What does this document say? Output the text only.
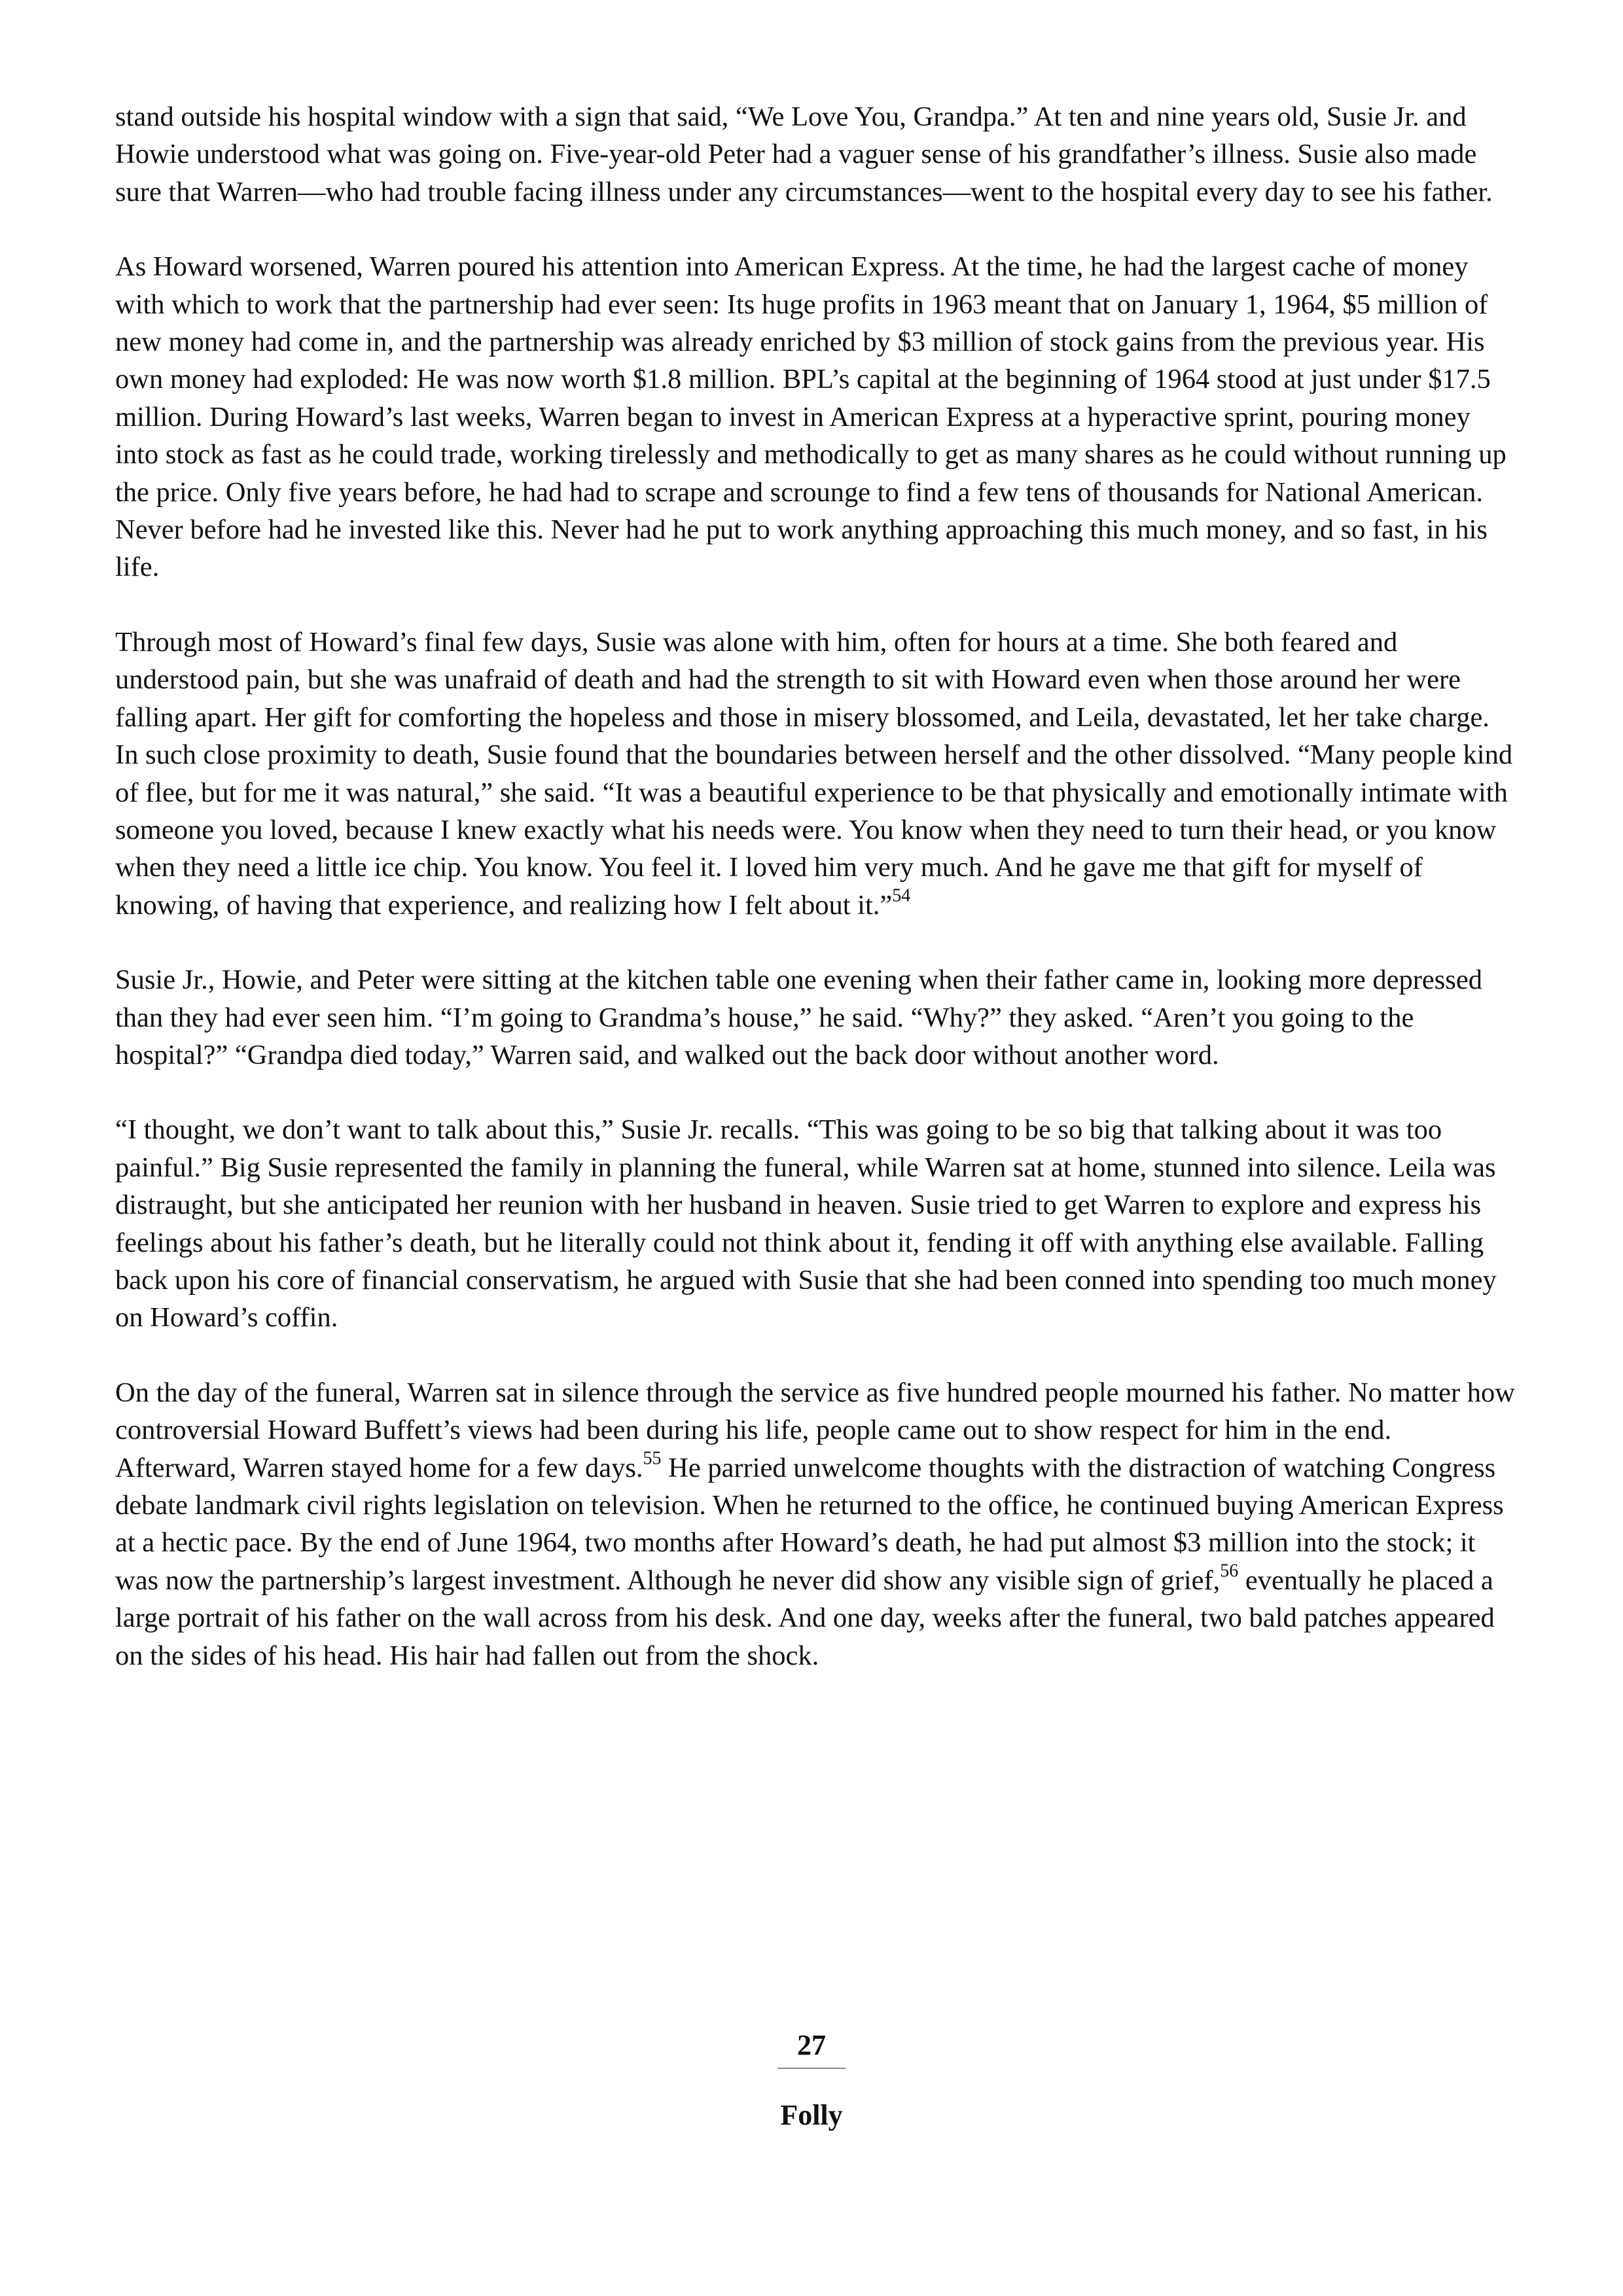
stand outside his hospital window with a sign that said, “We Love You, Grandpa.” At ten and nine years old, Susie Jr. and Howie understood what was going on. Five-year-old Peter had a vaguer sense of his grandfather’s illness. Susie also made sure that Warren—who had trouble facing illness under any circumstances—went to the hospital every day to see his father.

As Howard worsened, Warren poured his attention into American Express. At the time, he had the largest cache of money with which to work that the partnership had ever seen: Its huge profits in 1963 meant that on January 1, 1964, $5 million of new money had come in, and the partnership was already enriched by $3 million of stock gains from the previous year. His own money had exploded: He was now worth $1.8 million. BPL’s capital at the beginning of 1964 stood at just under $17.5 million. During Howard’s last weeks, Warren began to invest in American Express at a hyperactive sprint, pouring money into stock as fast as he could trade, working tirelessly and methodically to get as many shares as he could without running up the price. Only five years before, he had had to scrape and scrounge to find a few tens of thousands for National American. Never before had he invested like this. Never had he put to work anything approaching this much money, and so fast, in his life.

Through most of Howard’s final few days, Susie was alone with him, often for hours at a time. She both feared and understood pain, but she was unafraid of death and had the strength to sit with Howard even when those around her were falling apart. Her gift for comforting the hopeless and those in misery blossomed, and Leila, devastated, let her take charge. In such close proximity to death, Susie found that the boundaries between herself and the other dissolved. “Many people kind of flee, but for me it was natural,” she said. “It was a beautiful experience to be that physically and emotionally intimate with someone you loved, because I knew exactly what his needs were. You know when they need to turn their head, or you know when they need a little ice chip. You know. You feel it. I loved him very much. And he gave me that gift for myself of knowing, of having that experience, and realizing how I felt about it.”$^{54}$

Susie Jr., Howie, and Peter were sitting at the kitchen table one evening when their father came in, looking more depressed than they had ever seen him. “I’m going to Grandma’s house,” he said. “Why?” they asked. “Aren’t you going to the hospital?” “Grandpa died today,” Warren said, and walked out the back door without another word.

“I thought, we don’t want to talk about this,” Susie Jr. recalls. “This was going to be so big that talking about it was too painful.” Big Susie represented the family in planning the funeral, while Warren sat at home, stunned into silence. Leila was distraught, but she anticipated her reunion with her husband in heaven. Susie tried to get Warren to explore and express his feelings about his father’s death, but he literally could not think about it, fending it off with anything else available. Falling back upon his core of financial conservatism, he argued with Susie that she had been conned into spending too much money on Howard’s coffin.

On the day of the funeral, Warren sat in silence through the service as five hundred people mourned his father. No matter how controversial Howard Buffett’s views had been during his life, people came out to show respect for him in the end. Afterward, Warren stayed home for a few days.$^{55}$ He parried unwelcome thoughts with the distraction of watching Congress debate landmark civil rights legislation on television. When he returned to the office, he continued buying American Express at a hectic pace. By the end of June 1964, two months after Howard’s death, he had put almost $3 million into the stock; it was now the partnership’s largest investment. Although he never did show any visible sign of grief,$^{56}$ eventually he placed a large portrait of his father on the wall across from his desk. And one day, weeks after the funeral, two bald patches appeared on the sides of his head. His hair had fallen out from the shock.

27
Folly
